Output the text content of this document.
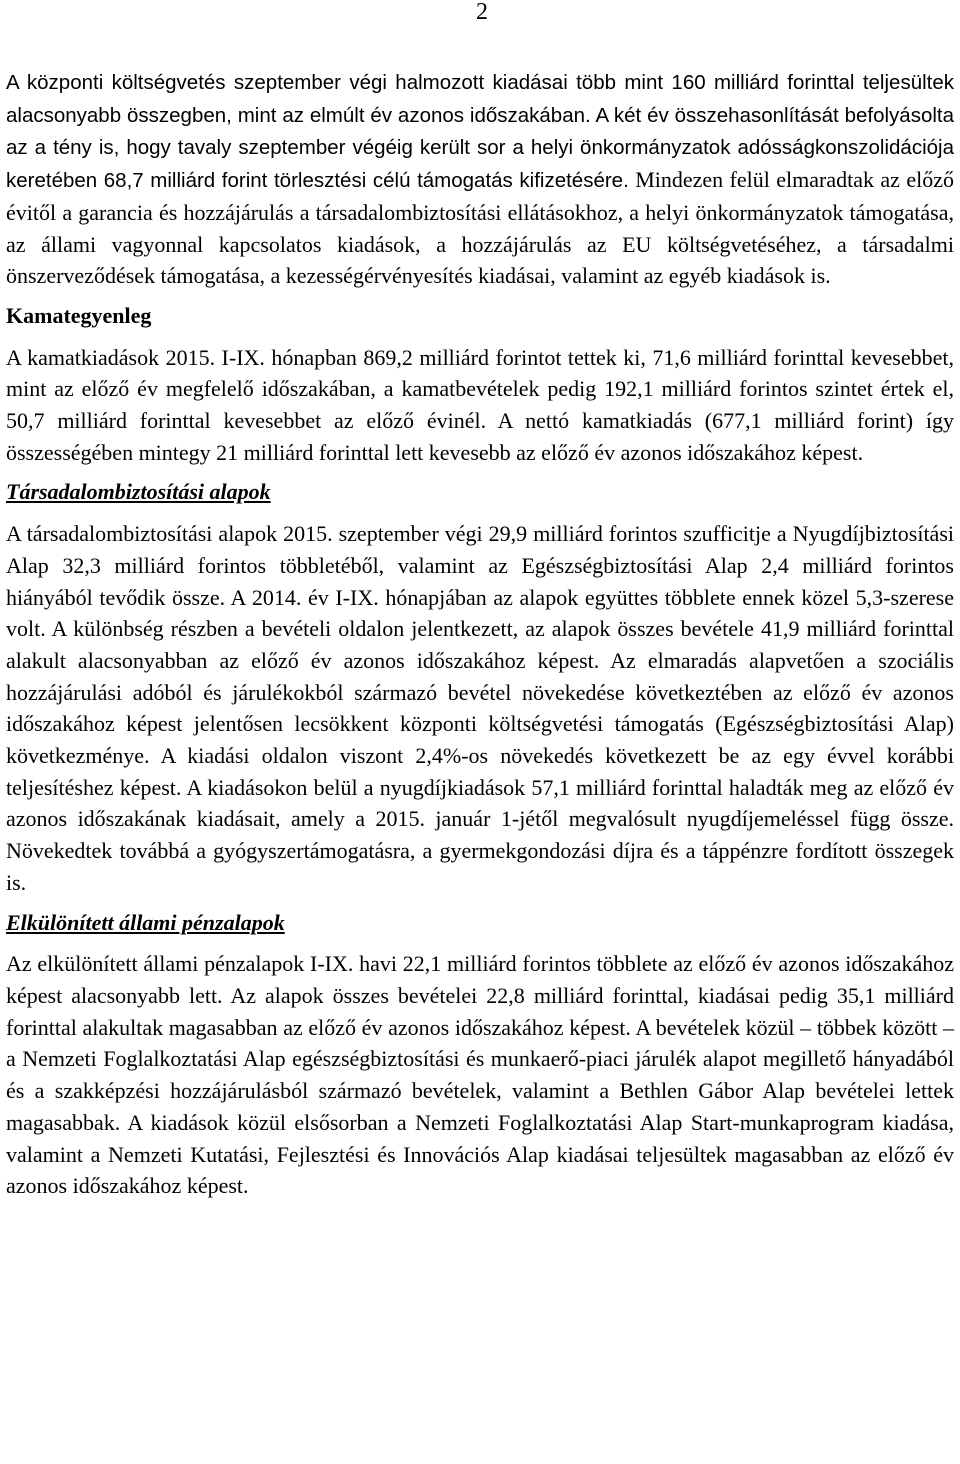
2

A központi költségvetés szeptember végi halmozott kiadásai több mint 160 milliárd forinttal teljesültek alacsonyabb összegben, mint az elmúlt év azonos időszakában. A két év összehasonlítását befolyásolta az a tény is, hogy tavaly szeptember végéig került sor a helyi önkormányzatok adósságkonszolidációja keretében 68,7 milliárd forint törlesztési célú támogatás kifizetésére. Mindezen felül elmaradtak az előző évitől a garancia és hozzájárulás a társadalombiztosítási ellátásokhoz, a helyi önkormányzatok támogatása, az állami vagyonnal kapcsolatos kiadások, a hozzájárulás az EU költségvetéséhez, a társadalmi önszerveződések támogatása, a kezességérvényesítés kiadásai, valamint az egyéb kiadások is.

Kamategyenleg

A kamatkiadások 2015. I-IX. hónapban 869,2 milliárd forintot tettek ki, 71,6 milliárd forinttal kevesebbet, mint az előző év megfelelő időszakában, a kamatbevételek pedig 192,1 milliárd forintos szintet értek el, 50,7 milliárd forinttal kevesebbet az előző évinél. A nettó kamatkiadás (677,1 milliárd forint) így összességében mintegy 21 milliárd forinttal lett kevesebb az előző év azonos időszakához képest.

Társadalombiztosítási alapok

A társadalombiztosítási alapok 2015. szeptember végi 29,9 milliárd forintos szufficitje a Nyugdíjbiztosítási Alap 32,3 milliárd forintos többletéből, valamint az Egészségbiztosítási Alap 2,4 milliárd forintos hiányából tevődik össze. A 2014. év I-IX. hónapjában az alapok együttes többlete ennek közel 5,3-szerese volt. A különbség részben a bevételi oldalon jelentkezett, az alapok összes bevétele 41,9 milliárd forinttal alakult alacsonyabban az előző év azonos időszakához képest. Az elmaradás alapvetően a szociális hozzájárulási adóból és járulékokból származó bevétel növekedése következtében az előző év azonos időszakához képest jelentősen lecsökkent központi költségvetési támogatás (Egészségbiztosítási Alap) következménye. A kiadási oldalon viszont 2,4%-os növekedés következett be az egy évvel korábbi teljesítéshez képest. A kiadásokon belül a nyugdíjkiadások 57,1 milliárd forinttal haladták meg az előző év azonos időszakának kiadásait, amely a 2015. január 1-jétől megvalósult nyugdíjemeléssel függ össze. Növekedtek továbbá a gyógyszertámogatásra, a gyermekgondozási díjra és a táppénzre fordított összegek is.

Elkülönített állami pénzalapok

Az elkülönített állami pénzalapok I-IX. havi 22,1 milliárd forintos többlete az előző év azonos időszakához képest alacsonyabb lett. Az alapok összes bevételei 22,8 milliárd forinttal, kiadásai pedig 35,1 milliárd forinttal alakultak magasabban az előző év azonos időszakához képest. A bevételek közül – többek között – a Nemzeti Foglalkoztatási Alap egészségbiztosítási és munkaerő-piaci járulék alapot megillető hányadából és a szakképzési hozzájárulásból származó bevételek, valamint a Bethlen Gábor Alap bevételei lettek magasabbak. A kiadások közül elsősorban a Nemzeti Foglalkoztatási Alap Start-munkaprogram kiadása, valamint a Nemzeti Kutatási, Fejlesztési és Innovációs Alap kiadásai teljesültek magasabban az előző év azonos időszakához képest.
